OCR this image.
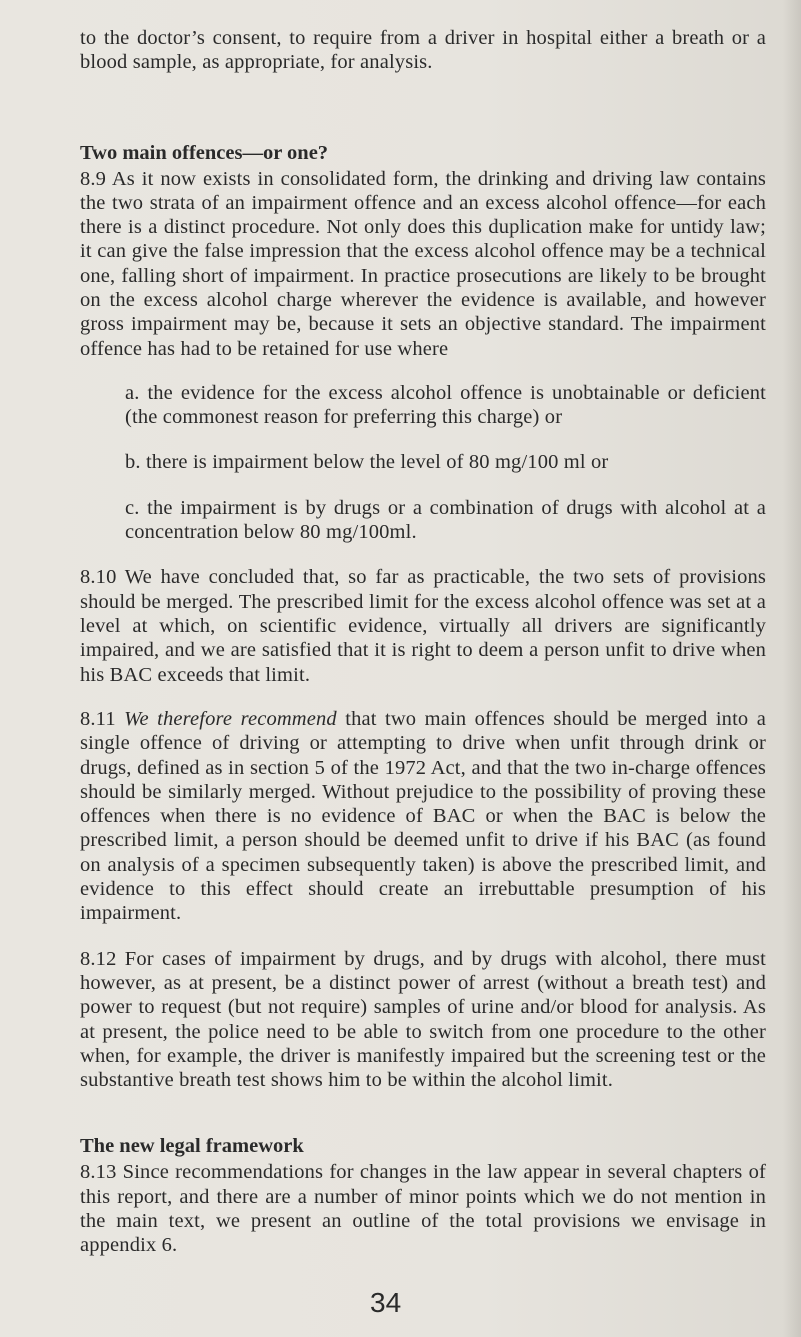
to the doctor’s consent, to require from a driver in hospital either a breath or a blood sample, as appropriate, for analysis.

Two main offences—or one?

8.9 As it now exists in consolidated form, the drinking and driving law contains the two strata of an impairment offence and an excess alcohol offence—for each there is a distinct procedure. Not only does this duplication make for untidy law; it can give the false impression that the excess alcohol offence may be a technical one, falling short of impairment. In practice prosecutions are likely to be brought on the excess alcohol charge wherever the evidence is available, and however gross impairment may be, because it sets an objective standard. The impairment offence has had to be retained for use where

a. the evidence for the excess alcohol offence is unobtainable or deficient (the commonest reason for preferring this charge) or

b. there is impairment below the level of 80 mg/100 ml or

c. the impairment is by drugs or a combination of drugs with alcohol at a concentration below 80 mg/100ml.

8.10 We have concluded that, so far as practicable, the two sets of provisions should be merged. The prescribed limit for the excess alcohol offence was set at a level at which, on scientific evidence, virtually all drivers are significantly impaired, and we are satisfied that it is right to deem a person unfit to drive when his BAC exceeds that limit.

8.11 We therefore recommend that two main offences should be merged into a single offence of driving or attempting to drive when unfit through drink or drugs, defined as in section 5 of the 1972 Act, and that the two in-charge offences should be similarly merged. Without prejudice to the possibility of proving these offences when there is no evidence of BAC or when the BAC is below the prescribed limit, a person should be deemed unfit to drive if his BAC (as found on analysis of a specimen subsequently taken) is above the prescribed limit, and evidence to this effect should create an irrebuttable presumption of his impairment.

8.12 For cases of impairment by drugs, and by drugs with alcohol, there must however, as at present, be a distinct power of arrest (without a breath test) and power to request (but not require) samples of urine and/or blood for analysis. As at present, the police need to be able to switch from one procedure to the other when, for example, the driver is manifestly impaired but the screening test or the substantive breath test shows him to be within the alcohol limit.

The new legal framework

8.13 Since recommendations for changes in the law appear in several chapters of this report, and there are a number of minor points which we do not mention in the main text, we present an outline of the total provisions we envisage in appendix 6.

34
